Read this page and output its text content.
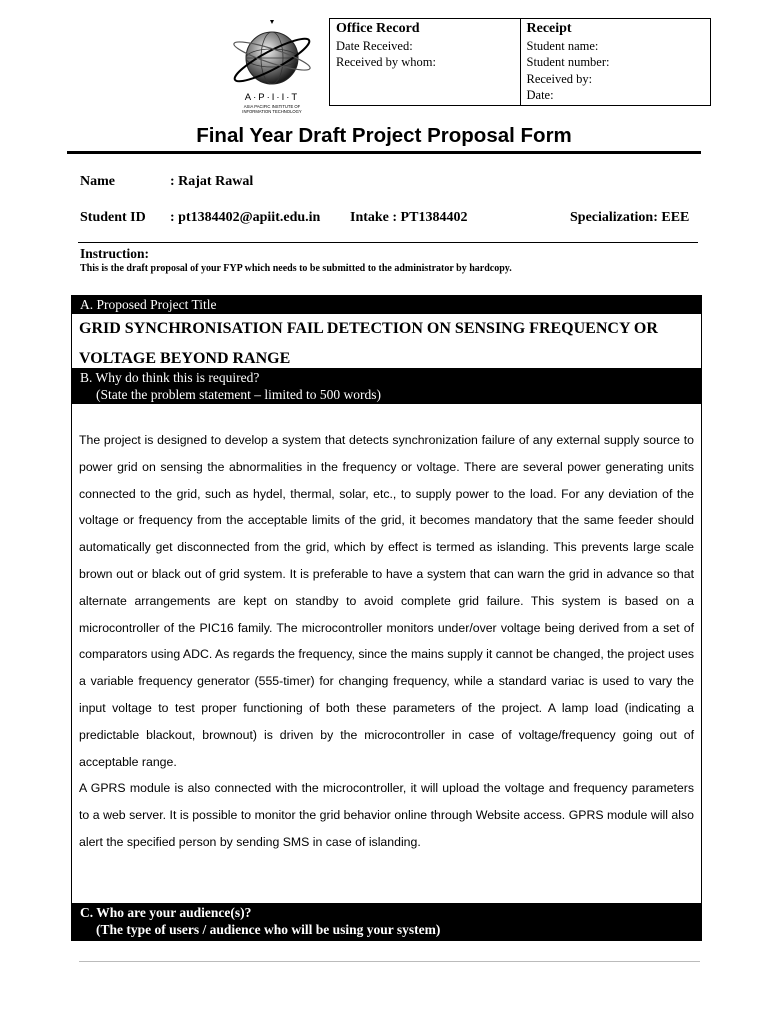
A·P·I·I·T
ASIA PACIFIC INSTITUTE OF
INFORMATION TECHNOLOGY
Office Record
Date Received:
Received by whom:
Receipt
Student name:
Student number:
Received by:
Date:
Final Year Draft Project Proposal Form
Name	: Rajat Rawal
Student ID : pt1384402@apiit.edu.in Intake : PT1384402	Specialization: EEE
Instruction:
This is the draft proposal of your FYP which needs to be submitted to the administrator by hardcopy.
A. Proposed Project Title
GRID SYNCHRONISATION FAIL DETECTION ON SENSING FREQUENCY OR VOLTAGE BEYOND RANGE
B. Why do think this is required?
(State the problem statement – limited to 500 words)

The project is designed to develop a system that detects synchronization failure of any external supply source to power grid on sensing the abnormalities in the frequency or voltage. There are several power generating units connected to the grid, such as hydel, thermal, solar, etc., to supply power to the load. For any deviation of the voltage or frequency from the acceptable limits of the grid, it becomes mandatory that the same feeder should automatically get disconnected from the grid, which by effect is termed as islanding. This prevents large scale brown out or black out of grid system. It is preferable to have a system that can warn the grid in advance so that alternate arrangements are kept on standby to avoid complete grid failure. This system is based on a microcontroller of the PIC16 family. The microcontroller monitors under/over voltage being derived from a set of comparators using ADC. As regards the frequency, since the mains supply it cannot be changed, the project uses a variable frequency generator (555-timer) for changing frequency, while a standard variac is used to vary the input voltage to test proper functioning of both these parameters of the project. A lamp load (indicating a predictable blackout, brownout) is driven by the microcontroller in case of voltage/frequency going out of acceptable range.

A GPRS module is also connected with the microcontroller, it will upload the voltage and frequency parameters to a web server. It is possible to monitor the grid behavior online through Website access. GPRS module will also alert the specified person by sending SMS in case of islanding.

C. Who are your audience(s)?
(The type of users / audience who will be using your system)
